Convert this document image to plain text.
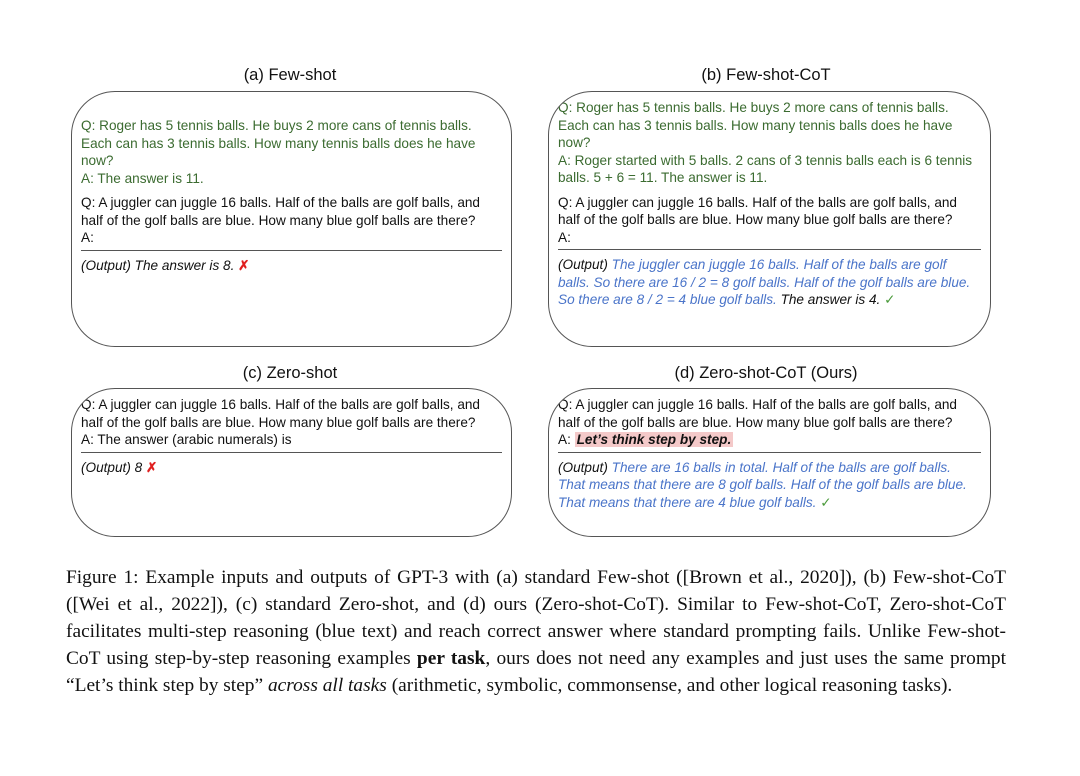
(a) Few-shot
Q: Roger has 5 tennis balls. He buys 2 more cans of tennis balls. Each can has 3 tennis balls. How many tennis balls does he have now?
A: The answer is 11.
Q: A juggler can juggle 16 balls. Half of the balls are golf balls, and half of the golf balls are blue. How many blue golf balls are there?
A:
(Output) The answer is 8. ✗
(b) Few-shot-CoT
Q: Roger has 5 tennis balls. He buys 2 more cans of tennis balls. Each can has 3 tennis balls. How many tennis balls does he have now?
A: Roger started with 5 balls. 2 cans of 3 tennis balls each is 6 tennis balls. 5 + 6 = 11. The answer is 11.
Q: A juggler can juggle 16 balls. Half of the balls are golf balls, and half of the golf balls are blue. How many blue golf balls are there?
A:
(Output) The juggler can juggle 16 balls. Half of the balls are golf balls. So there are 16 / 2 = 8 golf balls. Half of the golf balls are blue. So there are 8 / 2 = 4 blue golf balls. The answer is 4. ✓
(c) Zero-shot
Q: A juggler can juggle 16 balls. Half of the balls are golf balls, and half of the golf balls are blue. How many blue golf balls are there?
A: The answer (arabic numerals) is
(Output) 8 ✗
(d) Zero-shot-CoT (Ours)
Q: A juggler can juggle 16 balls. Half of the balls are golf balls, and half of the golf balls are blue. How many blue golf balls are there?
A: Let’s think step by step.
(Output) There are 16 balls in total. Half of the balls are golf balls. That means that there are 8 golf balls. Half of the golf balls are blue. That means that there are 4 blue golf balls. ✓
Figure 1: Example inputs and outputs of GPT-3 with (a) standard Few-shot ([Brown et al., 2020]), (b) Few-shot-CoT ([Wei et al., 2022]), (c) standard Zero-shot, and (d) ours (Zero-shot-CoT). Similar to Few-shot-CoT, Zero-shot-CoT facilitates multi-step reasoning (blue text) and reach correct answer where standard prompting fails. Unlike Few-shot-CoT using step-by-step reasoning examples per task, ours does not need any examples and just uses the same prompt “Let’s think step by step” across all tasks (arithmetic, symbolic, commonsense, and other logical reasoning tasks).
